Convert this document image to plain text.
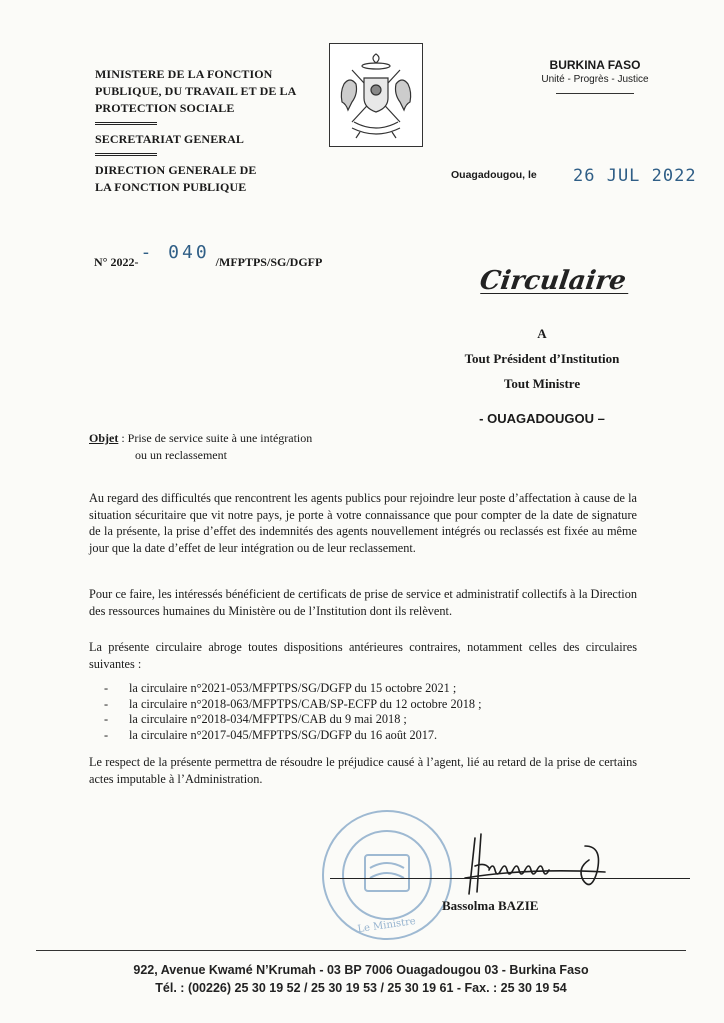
MINISTERE DE LA FONCTION
PUBLIQUE, DU TRAVAIL ET DE LA
PROTECTION SOCIALE
SECRETARIAT GENERAL
DIRECTION GENERALE DE
LA FONCTION PUBLIQUE
BURKINA FASO
Unité - Progrès - Justice
Ouagadougou, le 26 JUL 2022
N° 2022- - 040 /MFPTPS/SG/DGFP
Circulaire
A
Tout Président d’Institution
Tout Ministre
- OUAGADOUGOU –
Objet : Prise de service suite à une intégration
ou un reclassement
Au regard des difficultés que rencontrent les agents publics pour rejoindre leur poste d’affectation à cause de la situation sécuritaire que vit notre pays, je porte à votre connaissance que pour compter de la date de signature de la présente, la prise d’effet des indemnités des agents nouvellement intégrés ou reclassés est fixée au même jour que la date d’effet de leur intégration ou de leur reclassement.
Pour ce faire, les intéressés bénéficient de certificats de prise de service et administratif collectifs à la Direction des ressources humaines du Ministère ou de l’Institution dont ils relèvent.
La présente circulaire abroge toutes dispositions antérieures contraires, notamment celles des circulaires suivantes :
- la circulaire n°2021-053/MFPTPS/SG/DGFP du 15 octobre 2021 ;
- la circulaire n°2018-063/MFPTPS/CAB/SP-ECFP du 12 octobre 2018 ;
- la circulaire n°2018-034/MFPTPS/CAB du 9 mai 2018 ;
- la circulaire n°2017-045/MFPTPS/SG/DGFP du 16 août 2017.
Le respect de la présente permettra de résoudre le préjudice causé à l’agent, lié au retard de la prise de certains actes imputable à l’Administration.
Le Ministre
Bassolma BAZIE
922, Avenue Kwamé N’Krumah - 03 BP 7006 Ouagadougou 03 - Burkina Faso
Tél. : (00226) 25 30 19 52 / 25 30 19 53 / 25 30 19 61 - Fax. : 25 30 19 54
